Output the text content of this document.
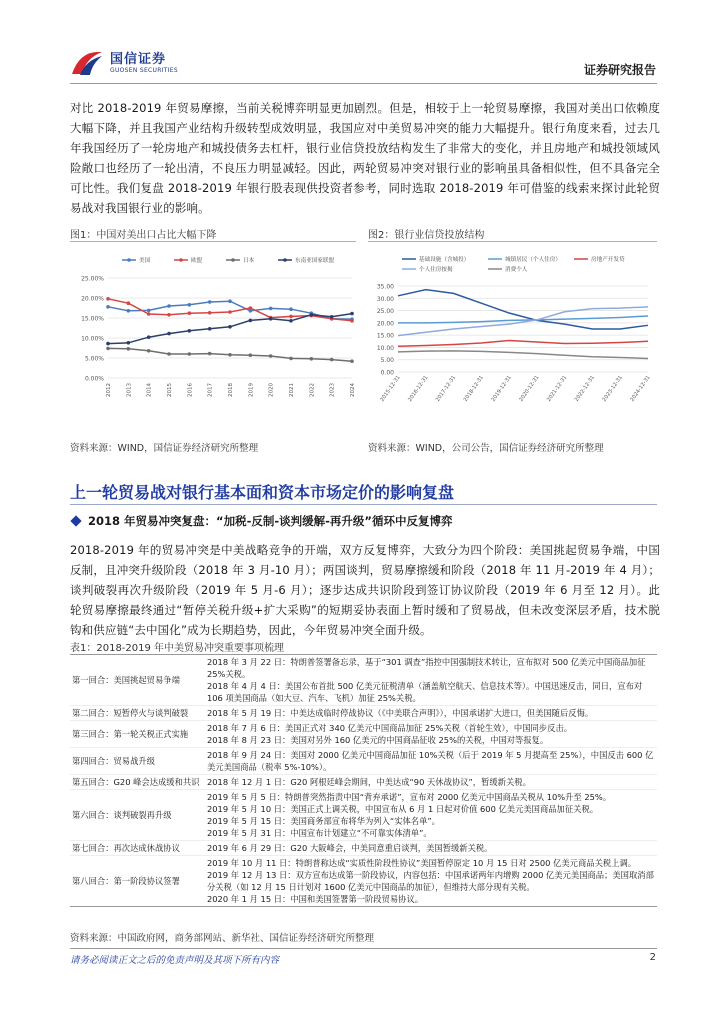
国信证券
GUOSEN SECURITIES	证券研究报告
对比 2018-2019 年贸易摩擦，当前关税博弈明显更加剧烈。但是，相较于上一轮贸易摩擦，我国对美出口依赖度大幅下降，并且我国产业结构升级转型成效明显，我国应对中美贸易冲突的能力大幅提升。银行角度来看，过去几年我国经历了一轮房地产和城投债务去杠杆，银行业信贷投放结构发生了非常大的变化，并且房地产和城投领域风险敞口也经历了一轮出清，不良压力明显减轻。因此，两轮贸易冲突对银行业的影响虽具备相似性，但不具备完全可比性。我们复盘 2018-2019 年银行股表现供投资者参考，同时选取 2018-2019 年可借鉴的线索来探讨此轮贸易战对我国银行业的影响。
图1：中国对美出口占比大幅下降
0.00%
5.00%
10.00%
15.00%
20.00%
25.00%
2012	2013	2014	2015	2016	2017	2018	2019	2020	2021	2022	2023	2024
美国	欧盟	日本	东南亚国家联盟
资料来源：WIND，国信证券经济研究所整理
图2：银行业信贷投放结构
0.00
5.00
10.00
15.00
20.00
25.00
30.00
35.00
2015-12-31 2016-12-31 2017-12-31 2018-12-31 2019-12-31 2020-12-31 2021-12-31 2022-12-31 2023-12-31 2024-12-31
基础设施（含城投）	城镇居民（个人住房）	房地产开发贷
个人住房按揭	消费个人
资料来源：WIND，公司公告，国信证券经济研究所整理
上一轮贸易战对银行基本面和资本市场定价的影响复盘
2018 年贸易冲突复盘：“加税-反制-谈判缓解-再升级”循环中反复博弈
2018-2019 年的贸易冲突是中美战略竞争的开端，双方反复博弈，大致分为四个阶段：美国挑起贸易争端，中国反制，且冲突升级阶段（2018 年 3 月-10 月）；两国谈判，贸易摩擦缓和阶段（2018 年 11 月-2019 年 4 月）；谈判破裂再次升级阶段（2019 年 5 月-6 月）；逐步达成共识阶段到签订协议阶段（2019 年 6 月至 12 月）。此轮贸易摩擦最终通过“暂停关税升级+扩大采购”的短期妥协表面上暂时缓和了贸易战，但未改变深层矛盾，技术脱钩和供应链“去中国化”成为长期趋势，因此，今年贸易冲突全面升级。
表1：2018-2019 年中美贸易冲突重要事项梳理
第一回合：美国挑起贸易争端
2018 年 3 月 22 日：特朗普签署备忘录，基于“301 调查”指控中国强制技术转让，宣布拟对 500 亿美元中国商品加征 25%关税。
2018 年 4 月 4 日：美国公布首批 500 亿美元征税清单（涵盖航空航天、信息技术等）。中国迅速反击，同日，宣布对 106 项美国商品（如大豆、汽车、飞机）加征 25%关税。
第二回合：短暂停火与谈判破裂	2018 年 5 月 19 日：中美达成临时停战协议（《中美联合声明》），中国承诺扩大进口，但美国随后反悔。
第三回合：第一轮关税正式实施
2018 年 7 月 6 日：美国正式对 340 亿美元中国商品加征 25%关税（首轮生效），中国同步反击。
2018 年 8 月 23 日：美国对另外 160 亿美元的中国商品征收 25%的关税，中国对等报复。
第四回合：贸易战升级
2018 年 9 月 24 日：美国对 2000 亿美元中国商品加征 10%关税（后于 2019 年 5 月提高至 25%），中国反击 600 亿美元美国商品（税率 5%-10%）。
第五回合：G20 峰会达成缓和共识 2018 年 12 月 1 日：G20 阿根廷峰会期间，中美达成“90 天休战协议”，暂缓新关税。
第六回合：谈判破裂再升级
2019 年 5 月 5 日：特朗普突然指责中国“背弃承诺”，宣布对 2000 亿美元中国商品关税从 10%升至 25%。
2019 年 5 月 10 日：美国正式上调关税，中国宣布从 6 月 1 日起对价值 600 亿美元美国商品加征关税。
2019 年 5 月 15 日：美国商务部宣布将华为列入“实体名单”。
2019 年 5 月 31 日：中国宣布计划建立“不可靠实体清单”。
第七回合：再次达成休战协议	2019 年 6 月 29 日：G20 大阪峰会，中美同意重启谈判，美国暂缓新关税。
第八回合：第一阶段协议签署
2019 年 10 月 11 日：特朗普称达成“实质性阶段性协议”美国暂停原定 10 月 15 日对 2500 亿美元商品关税上调。
2019 年 12 月 13 日：双方宣布达成第一阶段协议，内容包括：中国承诺两年内增购 2000 亿美元美国商品；美国取消部分关税（如 12 月 15 日计划对 1600 亿美元中国商品的加征），但维持大部分现有关税。
2020 年 1 月 15 日：中国和美国签署第一阶段贸易协议。
资料来源：中国政府网，商务部网站、新华社、国信证券经济研究所整理
请务必阅读正文之后的免责声明及其项下所有内容	2
